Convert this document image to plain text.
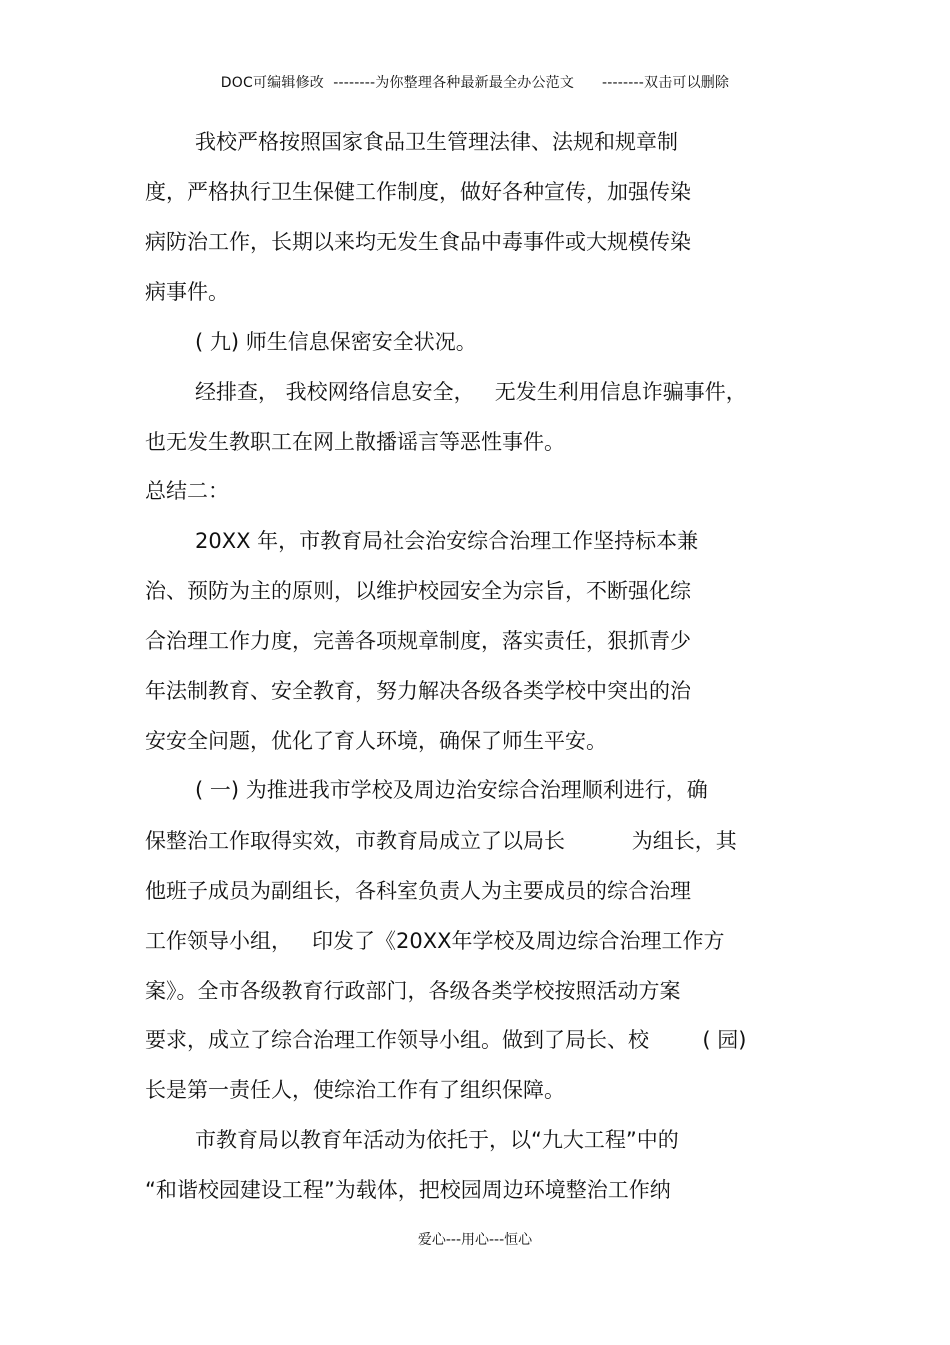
DOC可编辑修改  --------为你整理各种最新最全办公范文      --------双击可以删除
我校严格按照国家食品卫生管理法律、法规和规章制
度，严格执行卫生保健工作制度，做好各种宣传，加强传染
病防治工作，长期以来均无发生食品中毒事件或大规模传染
病事件。
( 九) 师生信息保密安全状况。
经排查， 我校网络信息安全，   无发生利用信息诈骗事件，
也无发生教职工在网上散播谣言等恶性事件。
总结二：
20XX 年，市教育局社会治安综合治理工作坚持标本兼
治、预防为主的原则，以维护校园安全为宗旨，不断强化综
合治理工作力度，完善各项规章制度，落实责任，狠抓青少
年法制教育、安全教育，努力解决各级各类学校中突出的治
安安全问题，优化了育人环境，确保了师生平安。
( 一) 为推进我市学校及周边治安综合治理顺利进行，确
保整治工作取得实效，市教育局成立了以局长          为组长，其
他班子成员为副组长，各科室负责人为主要成员的综合治理
工作领导小组，   印发了《20XX年学校及周边综合治理工作方
案》。全市各级教育行政部门，各级各类学校按照活动方案
要求，成立了综合治理工作领导小组。做到了局长、校        ( 园)
长是第一责任人，使综治工作有了组织保障。
市教育局以教育年活动为依托于，以“九大工程”中的
“和谐校园建设工程”为载体，把校园周边环境整治工作纳
爱心---用心---恒心
